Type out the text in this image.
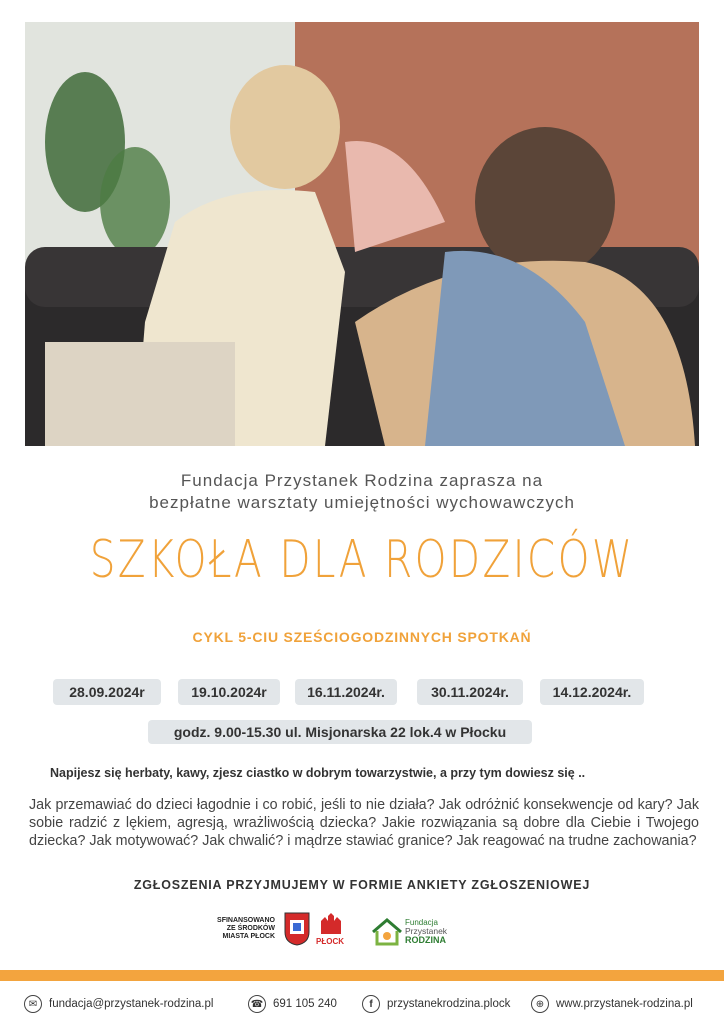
Fundacja Przystanek Rodzina zaprasza na
bezpłatne warsztaty umiejętności wychowawczych
SZKOŁA DLA RODZICÓW
CYKL 5-CIU SZEŚCIOGODZINNYCH SPOTKAŃ
28.09.2024r	19.10.2024r	16.11.2024r.	30.11.2024r.	14.12.2024r.
godz. 9.00-15.30 ul. Misjonarska 22 lok.4 w Płocku
Napijesz się herbaty, kawy, zjesz ciastko w dobrym towarzystwie, a przy tym dowiesz się ..
Jak przemawiać do dzieci łagodnie i co robić, jeśli to nie działa? Jak odróżnić konsekwencje od kary? Jak sobie radzić z lękiem, agresją, wrażliwością dziecka? Jakie rozwiązania są dobre dla Ciebie i Twojego dziecka? Jak motywować? Jak chwalić? i mądrze stawiać granice? Jak reagować na trudne zachowania?
ZGŁOSZENIA PRZYJMUJEMY W FORMIE ANKIETY ZGŁOSZENIOWEJ
SFINANSOWANO
ZE ŚRODKÓW
MIASTA PŁOCK
PŁOCK
Fundacja
Przystanek
RODZINA
✉	fundacja@przystanek-rodzina.pl	☎ 691 105 240	f	przystanekrodzina.plock	⊕	www.przystanek-rodzina.pl
